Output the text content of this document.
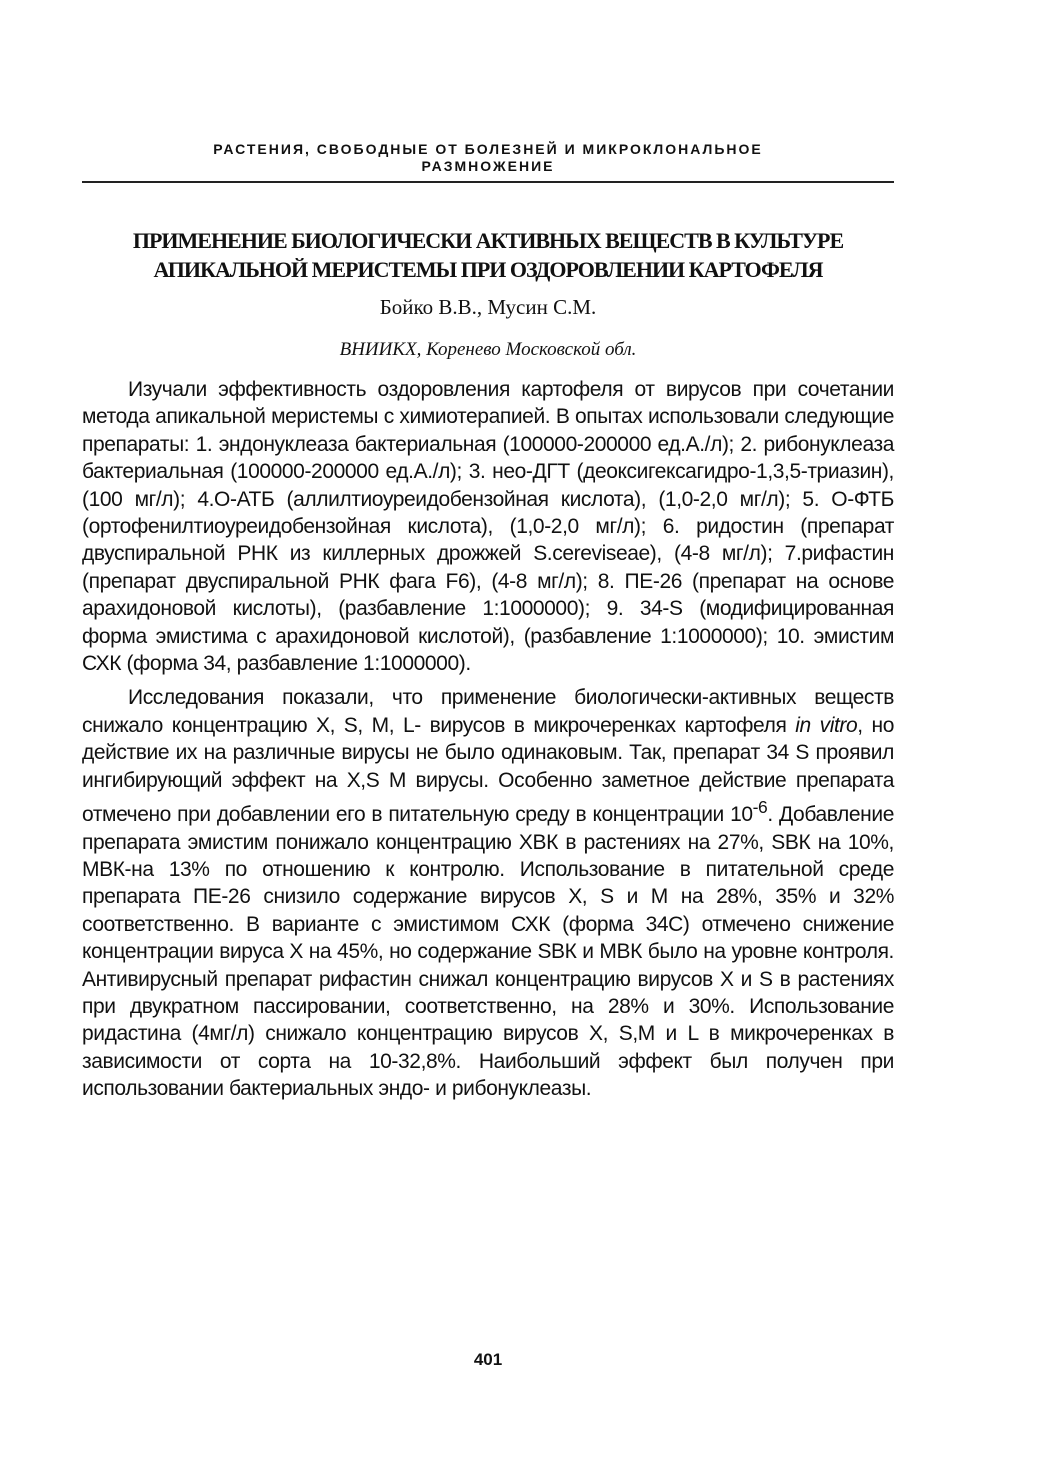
РАСТЕНИЯ, СВОБОДНЫЕ ОТ БОЛЕЗНЕЙ И МИКРОКЛОНАЛЬНОЕ
РАЗМНОЖЕНИЕ
ПРИМЕНЕНИЕ БИОЛОГИЧЕСКИ АКТИВНЫХ ВЕЩЕСТВ В КУЛЬТУРЕ
АПИКАЛЬНОЙ МЕРИСТЕМЫ ПРИ ОЗДОРОВЛЕНИИ КАРТОФЕЛЯ
Бойко В.В., Мусин С.М.
ВНИИКХ, Коренево Московской обл.

Изучали эффективность оздоровления картофеля от вирусов при сочетании метода апикальной меристемы с химиотерапией. В опытах использовали следующие препараты: 1. эндонуклеаза бактериальная (100000-200000 ед.А./л); 2. рибонуклеаза бактериальная (100000-200000 ед.А./л); 3. нео-ДГТ (деоксигексагидро-1,3,5-триазин), (100 мг/л); 4.О-АТБ (аллилтиоуреидобензойная кислота), (1,0-2,0 мг/л); 5. О-ФТБ (ортофенилтиоуреидобензойная кислота), (1,0-2,0 мг/л); 6. ридостин (препарат двуспиральной РНК из киллерных дрожжей S.cereviseae), (4-8 мг/л); 7.рифастин (препарат двуспиральной РНК фага F6), (4-8 мг/л); 8. ПЕ-26 (препарат на основе арахидоновой кислоты), (разбавление 1:1000000); 9. 34-S (модифицированная форма эмистима с арахидоновой кислотой), (разбавление 1:1000000); 10. эмистим СХК (форма 34, разбавление 1:1000000).

Исследования показали, что применение биологически-активных веществ снижало концентрацию X, S, M, L- вирусов в микрочеренках картофеля in vitro, но действие их на различные вирусы не было одинаковым. Так, препарат 34 S проявил ингибирующий эффект на X,S M вирусы. Особенно заметное действие препарата отмечено при добавлении его в питательную среду в концентрации $10^{-6}$. Добавление препарата эмистим понижало концентрацию ХВК в растениях на 27%, SВК на 10%, МВК-на 13% по отношению к контролю. Использование в питательной среде препарата ПЕ-26 снизило содержание вирусов X, S и M на 28%, 35% и 32% соответственно. В варианте с эмистимом СХК (форма 34С) отмечено снижение концентрации вируса X на 45%, но содержание SВК и МВК было на уровне контроля. Антивирусный препарат рифастин снижал концентрацию вирусов X и S в растениях при двукратном пассировании, соответственно, на 28% и 30%. Использование ридастина (4мг/л) снижало концентрацию вирусов X, S,M и L в микрочеренках в зависимости от сорта на 10-32,8%. Наибольший эффект был получен при использовании бактериальных эндо- и рибонуклеазы.

401
